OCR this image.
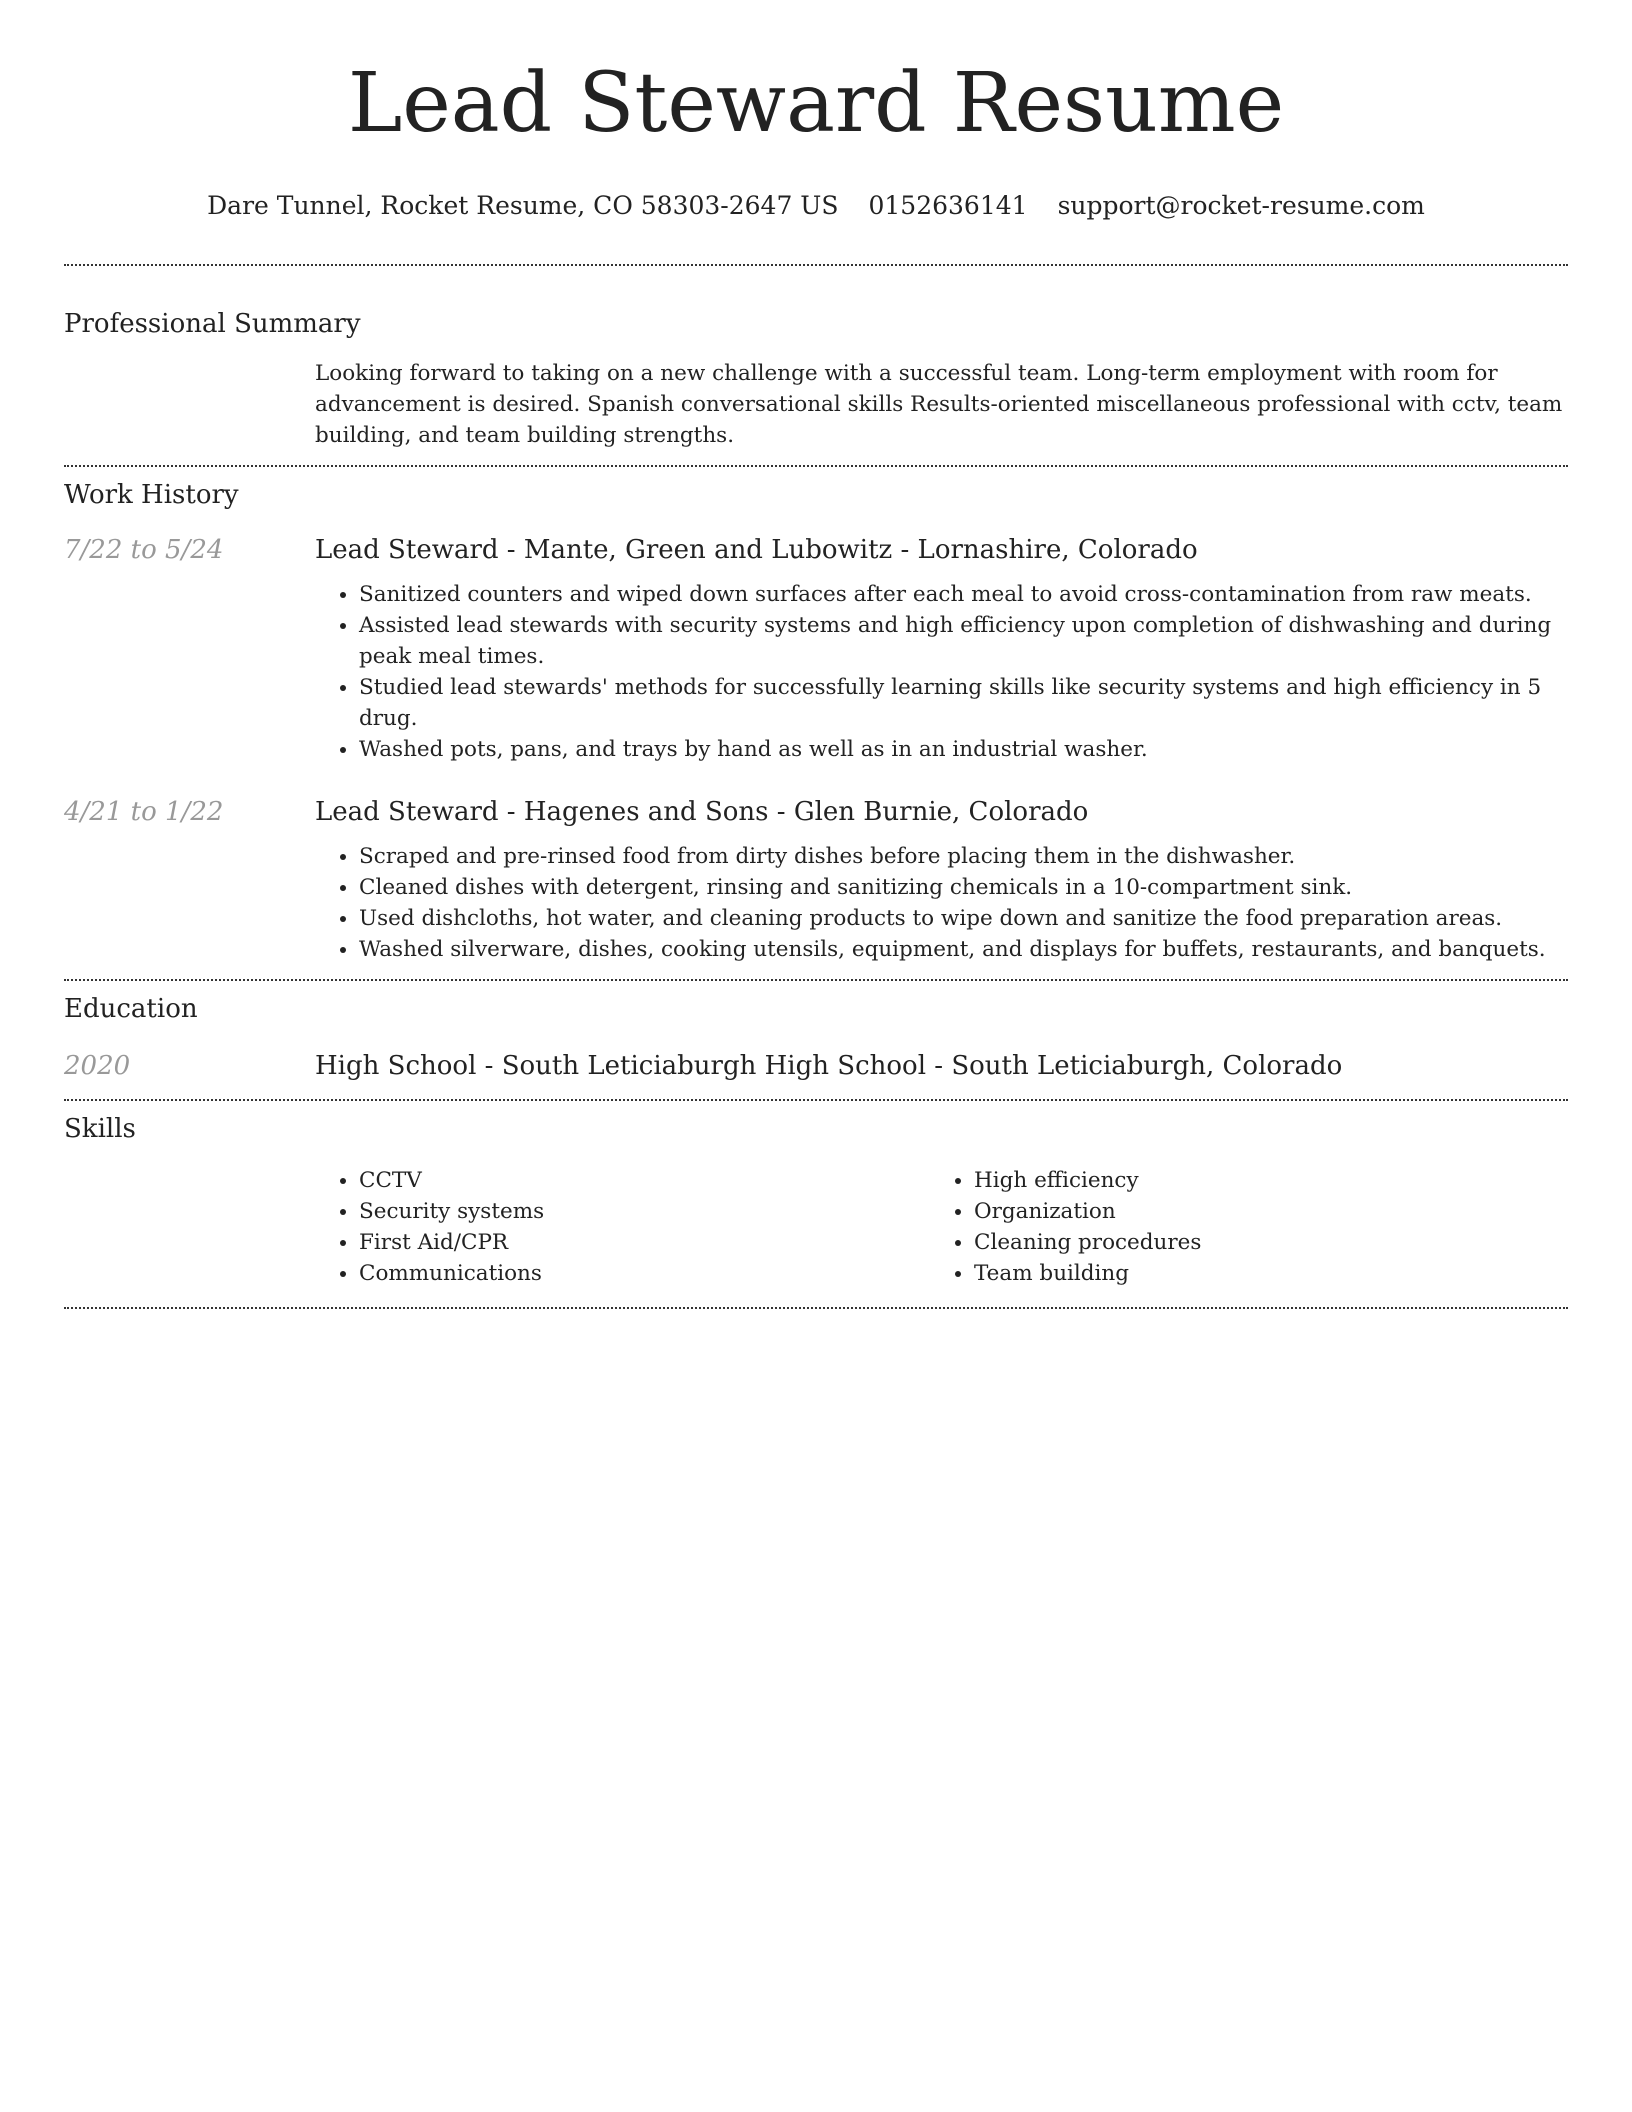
Lead Steward Resume
Dare Tunnel, Rocket Resume, CO 58303-2647 US 0152636141 support@rocket-resume.com
Professional Summary

Looking forward to taking on a new challenge with a successful team. Long-term employment with room for advancement is desired. Spanish conversational skills Results-oriented miscellaneous professional with cctv, team building, and team building strengths.

Work History
7/22 to 5/24	Lead Steward - Mante, Green and Lubowitz - Lornashire, Colorado
• Sanitized counters and wiped down surfaces after each meal to avoid cross-contamination from raw meats.
• Assisted lead stewards with security systems and high efficiency upon completion of dishwashing and during peak meal times.
• Studied lead stewards' methods for successfully learning skills like security systems and high efficiency in 5 drug.
• Washed pots, pans, and trays by hand as well as in an industrial washer.
4/21 to 1/22	Lead Steward - Hagenes and Sons - Glen Burnie, Colorado
• Scraped and pre-rinsed food from dirty dishes before placing them in the dishwasher.
• Cleaned dishes with detergent, rinsing and sanitizing chemicals in a 10-compartment sink.
• Used dishcloths, hot water, and cleaning products to wipe down and sanitize the food preparation areas.
• Washed silverware, dishes, cooking utensils, equipment, and displays for buffets, restaurants, and banquets.
Education
2020	High School - South Leticiaburgh High School - South Leticiaburgh, Colorado
Skills
• CCTV
• Security systems
• First Aid/CPR
• Communications
• High efficiency
• Organization
• Cleaning procedures
• Team building
